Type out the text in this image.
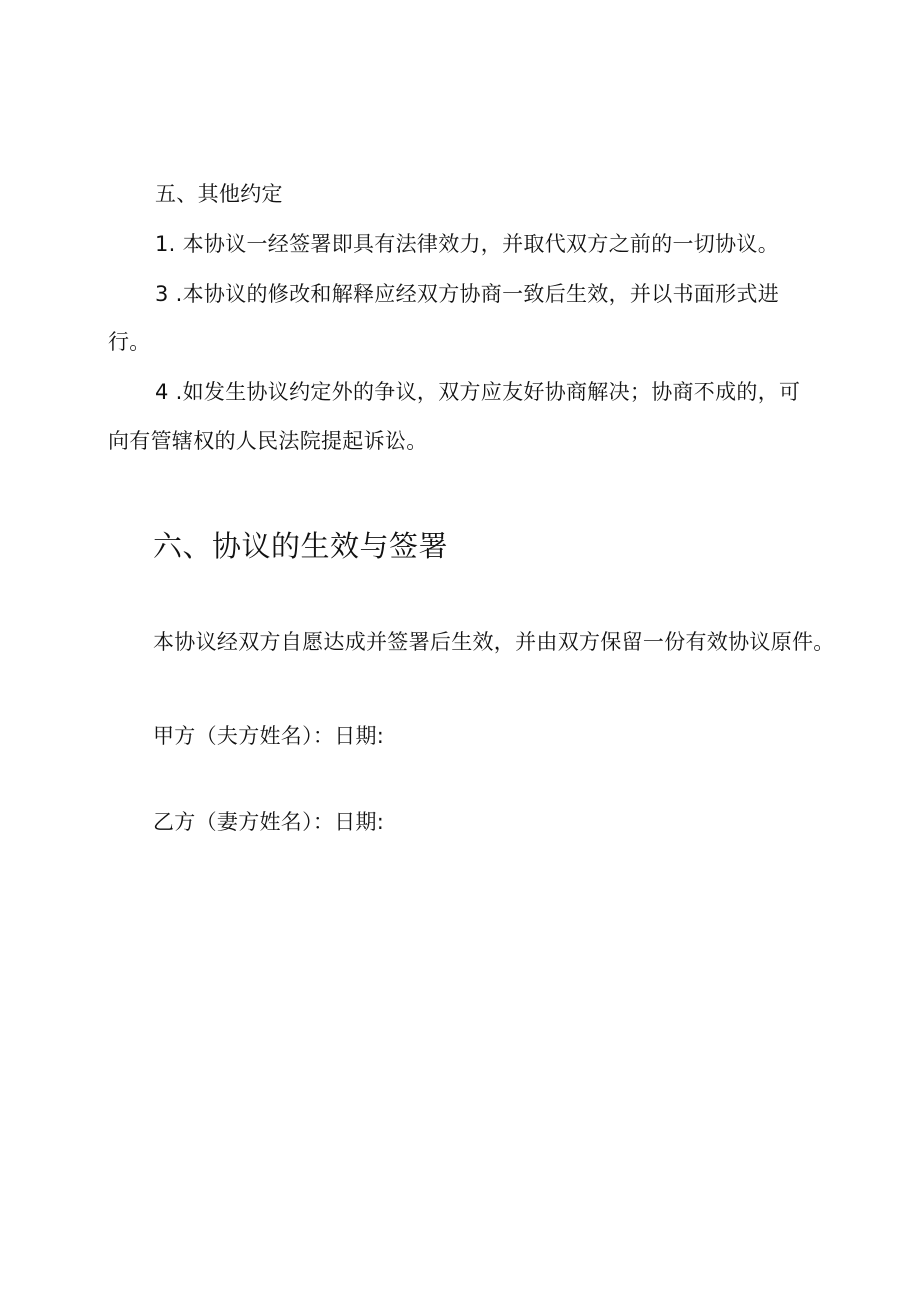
五、其他约定
1. 本协议一经签署即具有法律效力，并取代双方之前的一切协议。
3 .本协议的修改和解释应经双方协商一致后生效，并以书面形式进
行。
4 .如发生协议约定外的争议，双方应友好协商解决；协商不成的，可
向有管辖权的人民法院提起诉讼。
六、协议的生效与签署
本协议经双方自愿达成并签署后生效，并由双方保留一份有效协议原件。
甲方（夫方姓名）：日期:
乙方（妻方姓名）：日期:
